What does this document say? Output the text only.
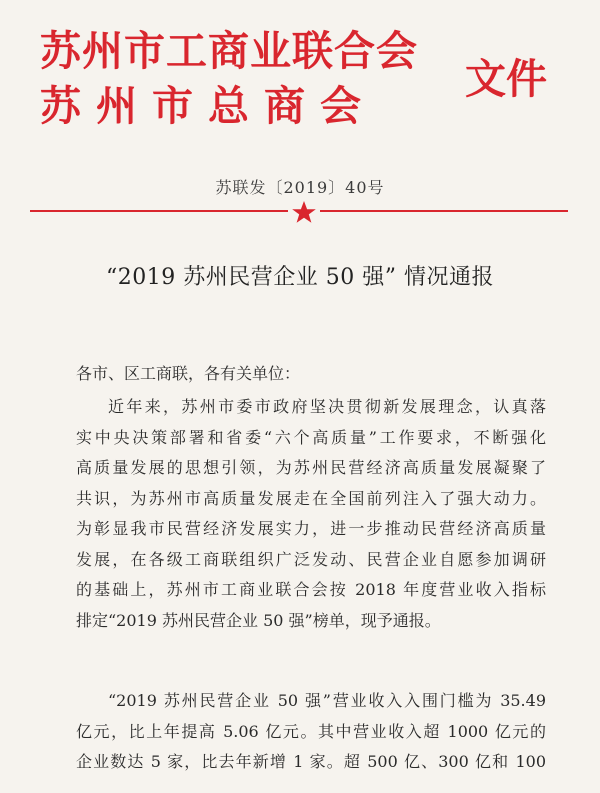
苏州市工商业联合会
苏州市总商会
文件
苏联发〔2019〕40号
“2019 苏州民营企业 50 强” 情况通报
各市、区工商联，各有关单位：
近年来，苏州市委市政府坚决贯彻新发展理念，认真落
实中央决策部署和省委“六个高质量”工作要求，不断强化
高质量发展的思想引领，为苏州民营经济高质量发展凝聚了
共识，为苏州市高质量发展走在全国前列注入了强大动力。
为彰显我市民营经济发展实力，进一步推动民营经济高质量
发展，在各级工商联组织广泛发动、民营企业自愿参加调研
的基础上，苏州市工商业联合会按 2018 年度营业收入指标
排定“2019 苏州民营企业 50 强”榜单，现予通报。
“2019 苏州民营企业 50 强”营业收入入围门槛为 35.49
亿元，比上年提高 5.06 亿元。其中营业收入超 1000 亿元的
企业数达 5 家，比去年新增 1 家。超 500 亿、300 亿和 100
